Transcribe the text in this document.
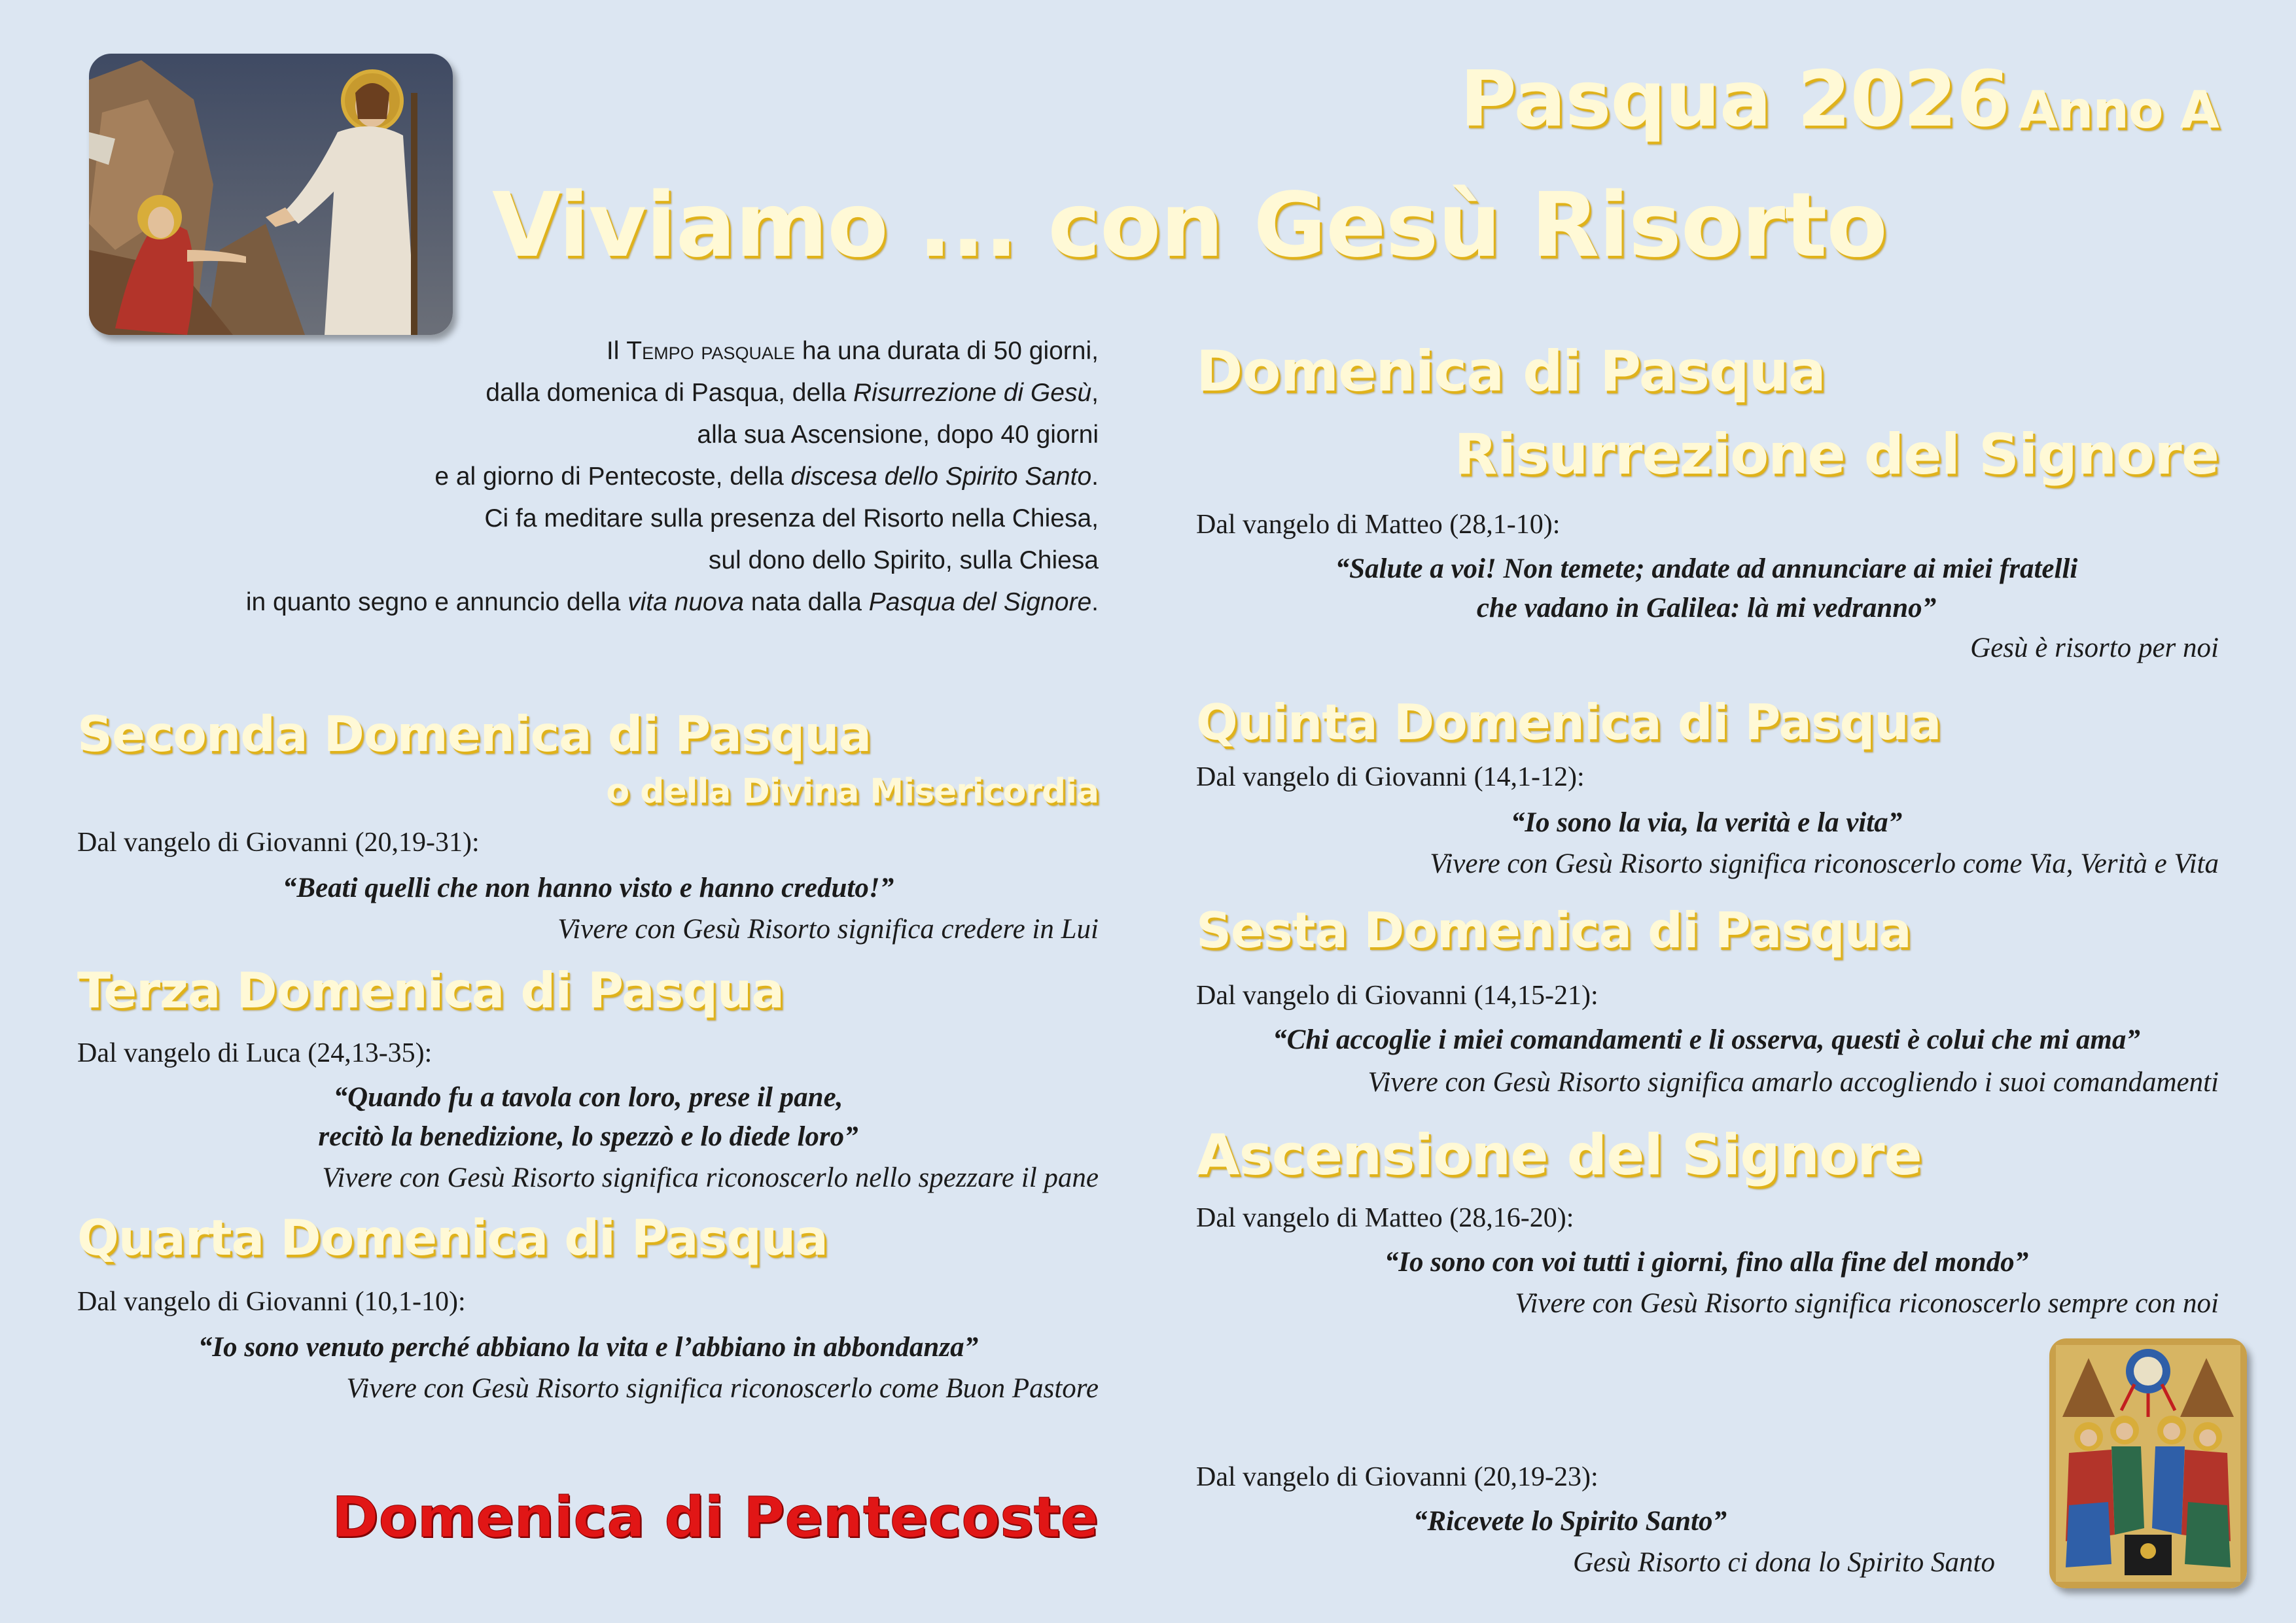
Pasqua 2026 Anno A
Viviamo ... con Gesù Risorto
Il Tempo pasquale ha una durata di 50 giorni,
dalla domenica di Pasqua, della Risurrezione di Gesù,
alla sua Ascensione, dopo 40 giorni
e al giorno di Pentecoste, della discesa dello Spirito Santo.
Ci fa meditare sulla presenza del Risorto nella Chiesa,
sul dono dello Spirito, sulla Chiesa
in quanto segno e annuncio della vita nuova nata dalla Pasqua del Signore.
Domenica di Pasqua
Risurrezione del Signore
Dal vangelo di Matteo (28,1-10):
“Salute a voi! Non temete; andate ad annunciare ai miei fratelli
che vadano in Galilea: là mi vedranno”
Gesù è risorto per noi
Quinta Domenica di Pasqua
Dal vangelo di Giovanni (14,1-12):
“Io sono la via, la verità e la vita”
Vivere con Gesù Risorto significa riconoscerlo come Via, Verità e Vita
Sesta Domenica di Pasqua
Dal vangelo di Giovanni (14,15-21):
“Chi accoglie i miei comandamenti e li osserva, questi è colui che mi ama”
Vivere con Gesù Risorto significa amarlo accogliendo i suoi comandamenti
Ascensione del Signore
Dal vangelo di Matteo (28,16-20):
“Io sono con voi tutti i giorni, fino alla fine del mondo”
Vivere con Gesù Risorto significa riconoscerlo sempre con noi
Dal vangelo di Giovanni (20,19-23):
“Ricevete lo Spirito Santo”
Gesù Risorto ci dona lo Spirito Santo
Seconda Domenica di Pasqua
o della Divina Misericordia
Dal vangelo di Giovanni (20,19-31):
“Beati quelli che non hanno visto e hanno creduto!”
Vivere con Gesù Risorto significa credere in Lui
Terza Domenica di Pasqua
Dal vangelo di Luca (24,13-35):
“Quando fu a tavola con loro, prese il pane,
recitò la benedizione, lo spezzò e lo diede loro”
Vivere con Gesù Risorto significa riconoscerlo nello spezzare il pane
Quarta Domenica di Pasqua
Dal vangelo di Giovanni (10,1-10):
“Io sono venuto perché abbiano la vita e l’abbiano in abbondanza”
Vivere con Gesù Risorto significa riconoscerlo come Buon Pastore
Domenica di Pentecoste
